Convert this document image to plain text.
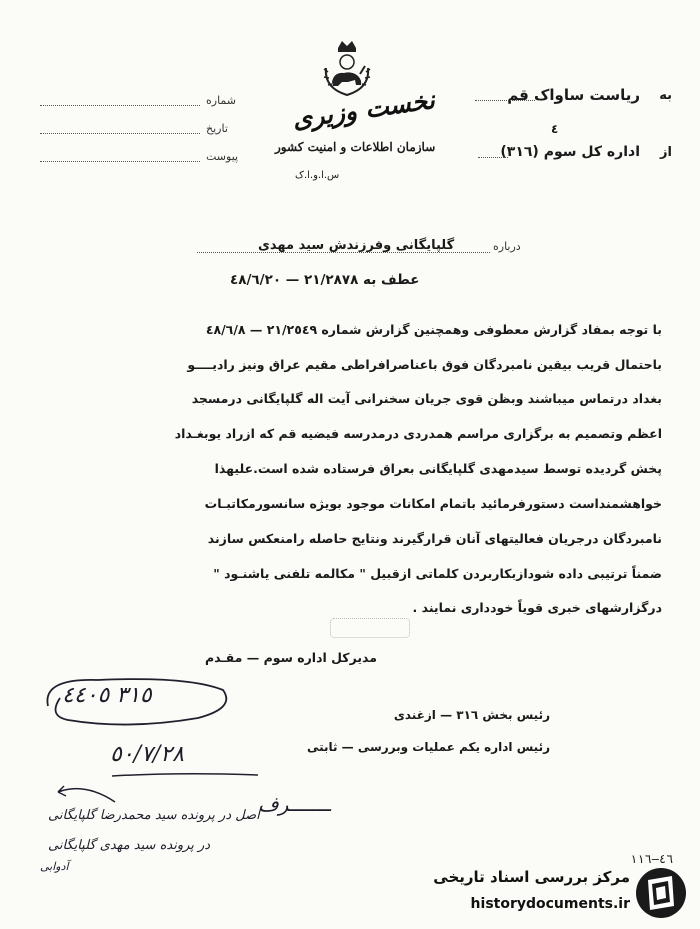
به
ریاست ساواک قم
٤
از
اداره کل سوم (٣١٦)
شماره
تاریخ
پیوست
نخست وزیری
سازمان اطلاعات و امنیت کشور
س.ا.و.ا.ک
درباره
گلپایگانی وفرزندش سید مهدی
عطف به ٢١/٢٨٧٨ — ٤٨/٦/٢٠
با توجه بمفاد گزارش معطوفی وهمچنین گزارش شماره ٢١/٢٥٤٩ — ٤٨/٦/٨
باحتمال قریب بیقین نامبردگان فوق باعناصرافراطی مقیم عراق ونیز رادیــــو
بغداد درتماس میباشند وبظن قوی جریان سخنرانی آیت اله گلپایگانی درمسجد
اعظم وتصمیم به برگزاری مراسم همدردی درمدرسه فیضیه قم که ازراد یوبغـداد
پخش گردیده توسط سیدمهدی گلپایگانی بعراق فرستاده شده است.علیهذا
خواهشمنداست دستورفرمائید باتمام امکانات موجود بویژه سانسورمکاتبـات
نامبردگان درجریان فعالیتهای آنان قرارگیرند ونتایج حاصله رامنعکس سازند
ضمناً ترتیبی داده شودازبکاربردن کلماتی ازقبیل " مکالمه تلفنی یاشنـود "
درگزارشهای خبری قویاً خودداری نمایند .
مدیرکل اداره سوم — مقـدم
رئیس بخش ٣١٦ — ازغندی
رئیس اداره یکم عملیات وبررسی — ثابتی
٣١٥ ٤٤٠٥
٥٠/٧/٢٨
ـــــــرف
اصل در پرونده سید محمدرضا گلپایگانی
در پرونده سید مهدی گلپایگانی
آدوابی
٤٦–١١٦
مرکز بررسی اسناد تاریخی
historydocuments.ir
